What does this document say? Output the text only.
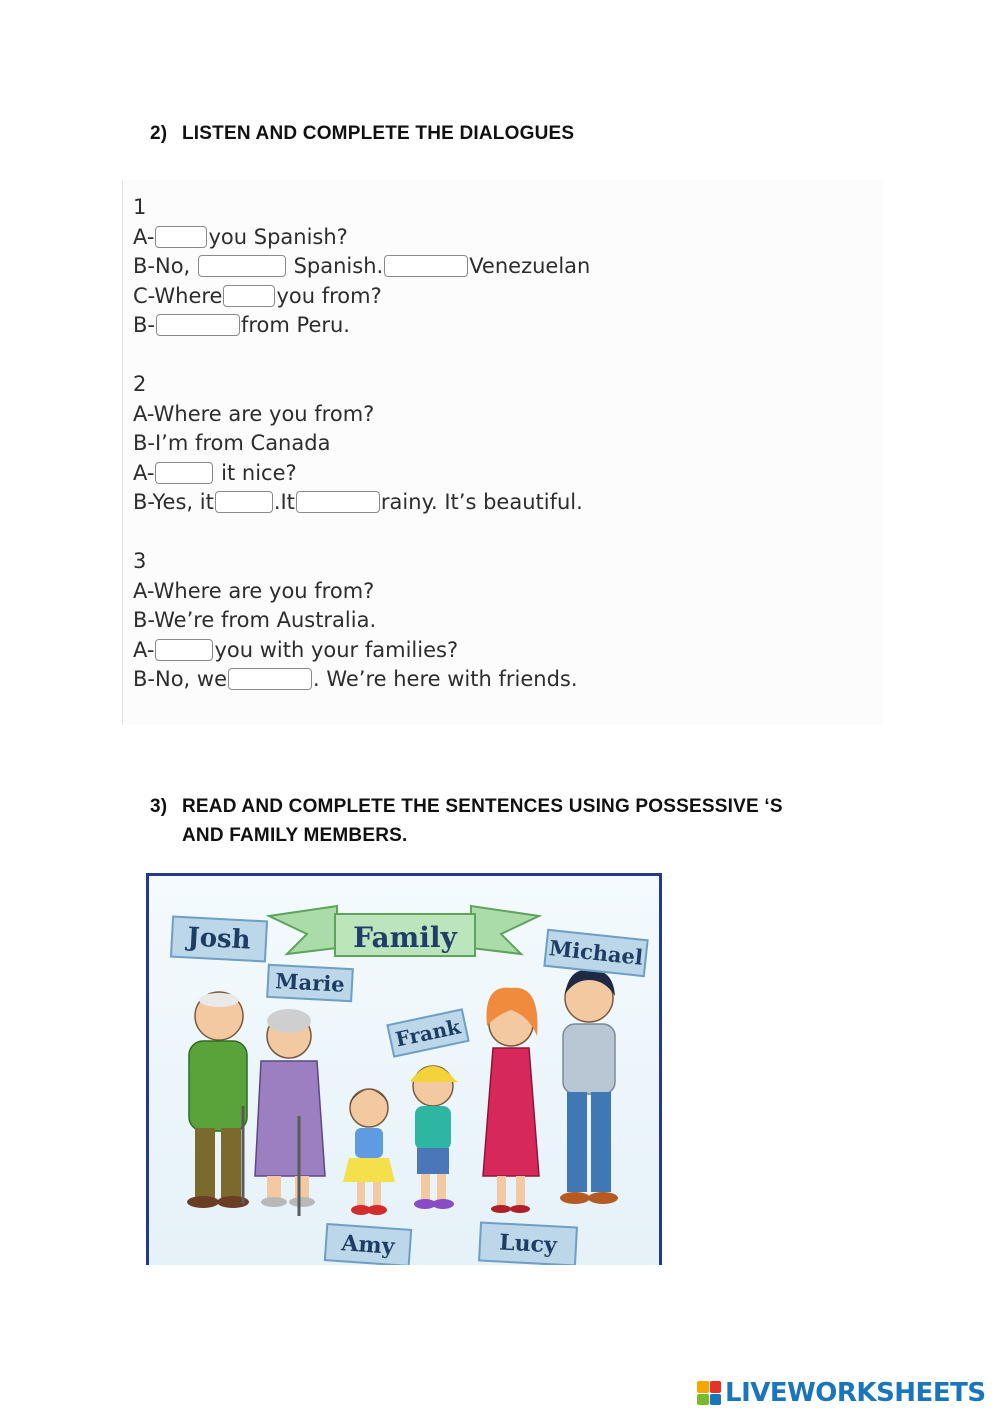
2) LISTEN AND COMPLETE THE DIALOGUES
1
A-	you Spanish?
B-No,	Spanish.	Venezuelan
C-Where	you from?
B-	from Peru.
2
A-Where are you from?
B-I’m from Canada
A-	it nice?
B-Yes, it	.It	rainy. It’s beautiful.
3
A-Where are you from?
B-We’re from Australia.
A-	you with your families?
B-No, we	. We’re here with friends.
3) READ AND COMPLETE THE SENTENCES USING POSSESSIVE ‘S
AND FAMILY MEMBERS.
Family
Josh
Marie
Michael
Frank
Amy	Lucy
LIVEWORKSHEETS
